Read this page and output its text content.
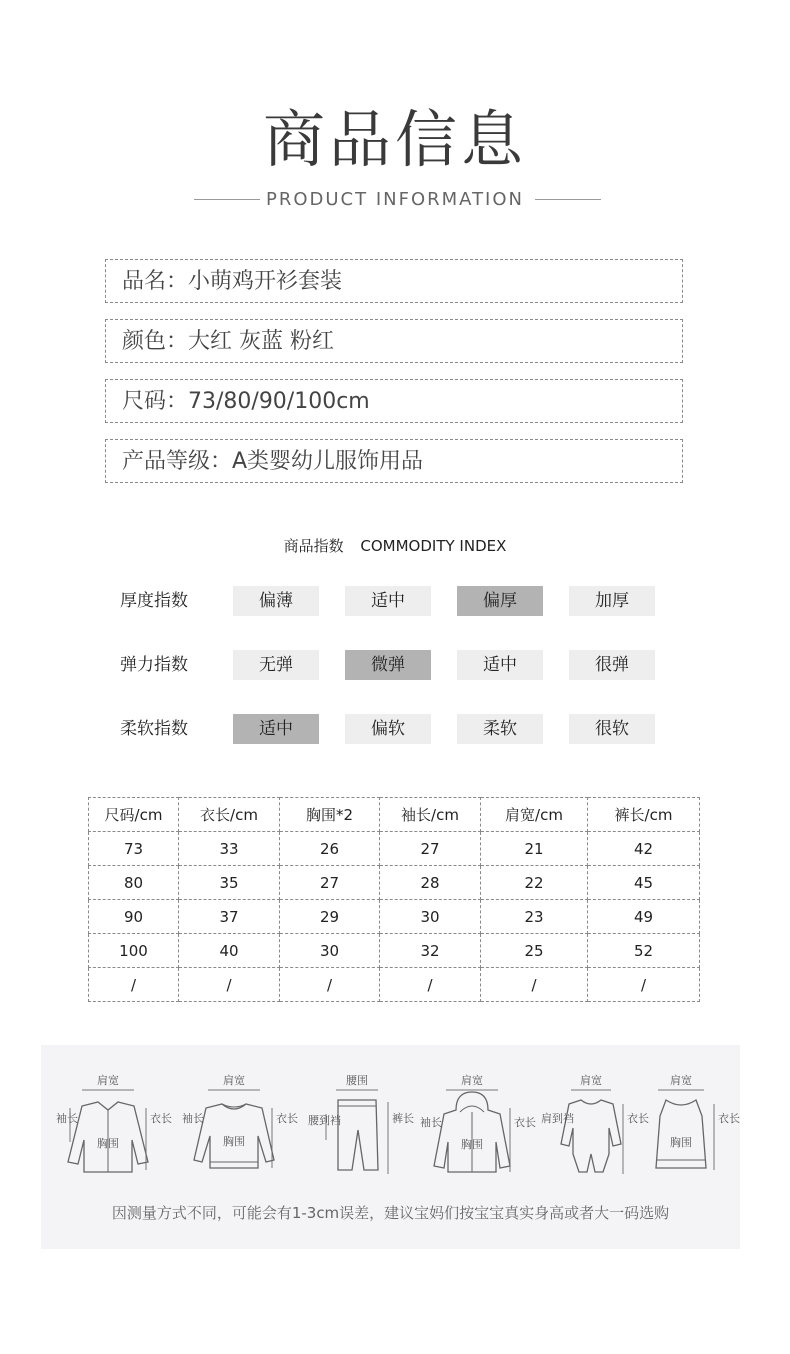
商品信息
PRODUCT INFORMATION
品名：小萌鸡开衫套装
颜色：大红 灰蓝 粉红
尺码：73/80/90/100cm
产品等级：A类婴幼儿服饰用品
商品指数 COMMODITY INDEX
厚度指数	偏薄	适中	偏厚	加厚
弹力指数	无弹	微弹	适中	很弹
柔软指数	适中	偏软	柔软	很软
尺码/cm	衣长/cm	胸围*2	袖长/cm	肩宽/cm	裤长/cm
73	33	26	27	21	42
80	35	27	28	22	45
90	37	29	30	23	49
100	40	30	32	25	52
/	/	/	/	/	/
肩宽
袖长	衣长
胸围
肩宽
袖长	衣长
胸围
腰围
腰到裆	裤长
肩宽
袖长	衣长
胸围
肩宽
肩到裆	衣长
肩宽
衣长
胸围
因测量方式不同，可能会有1-3cm误差，建议宝妈们按宝宝真实身高或者大一码选购
